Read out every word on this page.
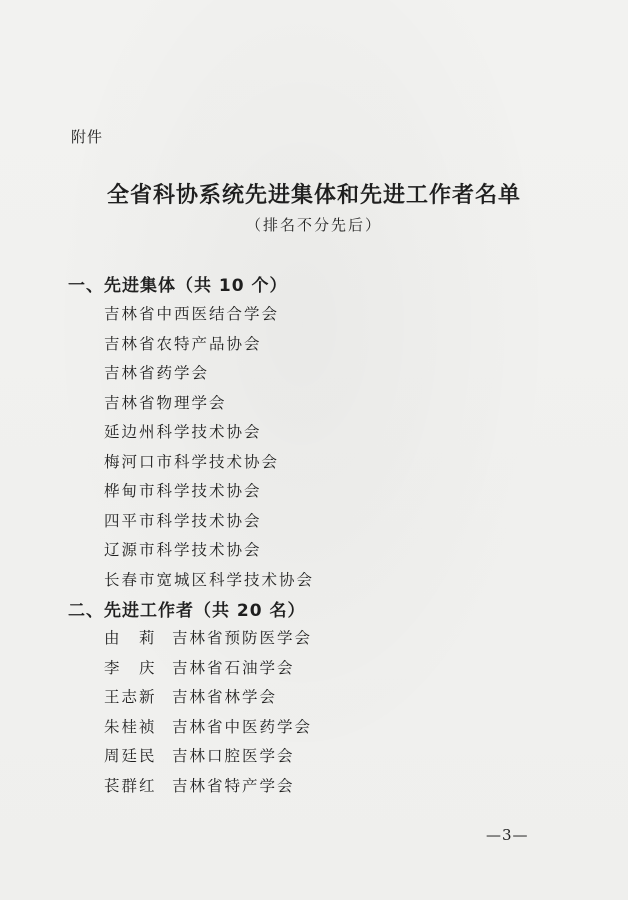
附件
全省科协系统先进集体和先进工作者名单
（排名不分先后）
一、先进集体（共 10 个）
吉林省中西医结合学会
吉林省农特产品协会
吉林省药学会
吉林省物理学会
延边州科学技术协会
梅河口市科学技术协会
桦甸市科学技术协会
四平市科学技术协会
辽源市科学技术协会
长春市宽城区科学技术协会
二、先进工作者（共 20 名）
由　莉 吉林省预防医学会
李　庆 吉林省石油学会
王志新 吉林省林学会
朱桂祯 吉林省中医药学会
周廷民 吉林口腔医学会
苌群红 吉林省特产学会
—3—
